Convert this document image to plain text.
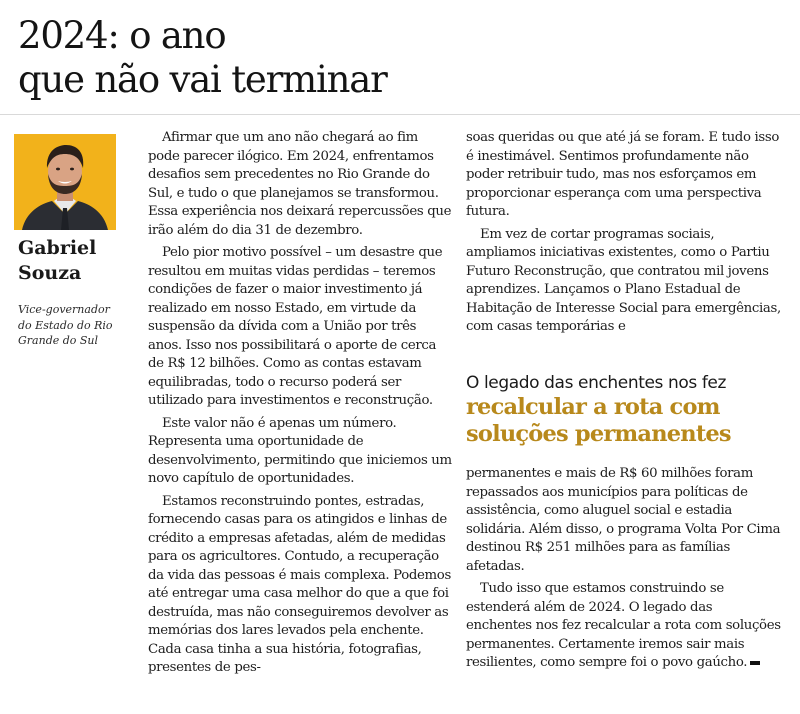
2024: o ano
que não vai terminar
Gabriel
Souza
Vice-governador
do Estado do Rio
Grande do Sul

Afirmar que um ano não chegará ao fim pode parecer ilógico. Em 2024, enfrentamos desafios sem precedentes no Rio Grande do Sul, e tudo o que planejamos se transformou. Essa experiência nos deixará repercussões que irão além do dia 31 de dezembro.

Pelo pior motivo possível – um desastre que resultou em muitas vidas perdidas – teremos condições de fazer o maior investimento já realizado em nosso Estado, em virtude da suspensão da dívida com a União por três anos. Isso nos possibilitará o aporte de cerca de R$ 12 bilhões. Como as contas estavam equilibradas, todo o recurso poderá ser utilizado para investimentos e reconstrução.

Este valor não é apenas um número. Representa uma oportunidade de desenvolvimento, permitindo que iniciemos um novo capítulo de oportunidades.

Estamos reconstruindo pontes, estradas, fornecendo casas para os atingidos e linhas de crédito a empresas afetadas, além de medidas para os agricultores. Contudo, a recuperação da vida das pessoas é mais complexa. Podemos até entregar uma casa melhor do que a que foi destruída, mas não conseguiremos devolver as memórias dos lares levados pela enchente. Cada casa tinha a sua história, fotografias, presentes de pes-

soas queridas ou que até já se foram. E tudo isso é inestimável. Sentimos profundamente não poder retribuir tudo, mas nos esforçamos em proporcionar esperança com uma perspectiva futura.

Em vez de cortar programas sociais, ampliamos iniciativas existentes, como o Partiu Futuro Reconstrução, que contratou mil jovens aprendizes. Lançamos o Plano Estadual de Habitação de Interesse Social para emergências, com casas temporárias e

O legado das enchentes nos fez
recalcular a rota com
soluções permanentes

permanentes e mais de R$ 60 milhões foram repassados aos municípios para políticas de assistência, como aluguel social e estadia solidária. Além disso, o programa Volta Por Cima destinou R$ 251 milhões para as famílias afetadas.

Tudo isso que estamos construindo se estenderá além de 2024. O legado das enchentes nos fez recalcular a rota com soluções permanentes. Certamente iremos sair mais resilientes, como sempre foi o povo gaúcho.
